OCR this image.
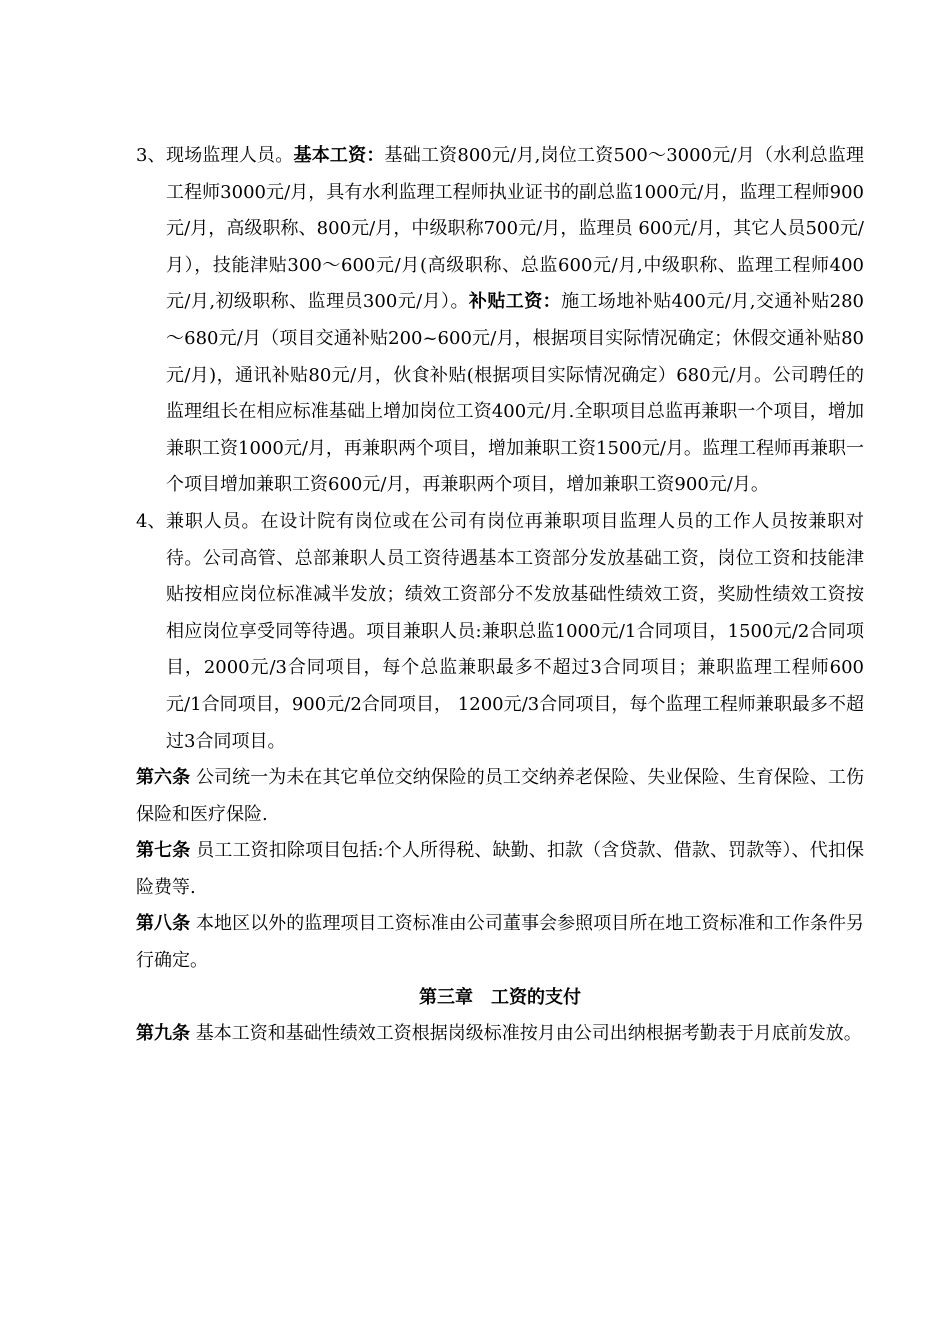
3、 现场监理人员。基本工资：基础工资800元/月,岗位工资500～3000元/月（水利总监理工程师3000元/月，具有水利监理工程师执业证书的副总监1000元/月，监理工程师900元/月，高级职称、800元/月，中级职称700元/月，监理员 600元/月，其它人员500元/月），技能津贴300～600元/月(高级职称、总监600元/月,中级职称、监理工程师400元/月,初级职称、监理员300元/月）。补贴工资：施工场地补贴400元/月,交通补贴280～680元/月（项目交通补贴200~600元/月，根据项目实际情况确定；休假交通补贴80元/月)，通讯补贴80元/月，伙食补贴(根据项目实际情况确定）680元/月。公司聘任的监理组长在相应标准基础上增加岗位工资400元/月.全职项目总监再兼职一个项目，增加兼职工资1000元/月，再兼职两个项目，增加兼职工资1500元/月。监理工程师再兼职一个项目增加兼职工资600元/月，再兼职两个项目，增加兼职工资900元/月。
4、 兼职人员。在设计院有岗位或在公司有岗位再兼职项目监理人员的工作人员按兼职对待。公司高管、总部兼职人员工资待遇基本工资部分发放基础工资，岗位工资和技能津贴按相应岗位标准减半发放；绩效工资部分不发放基础性绩效工资，奖励性绩效工资按相应岗位享受同等待遇。项目兼职人员:兼职总监1000元/1合同项目，1500元/2合同项目，2000元/3合同项目，每个总监兼职最多不超过3合同项目；兼职监理工程师600元/1合同项目，900元/2合同项目， 1200元/3合同项目，每个监理工程师兼职最多不超过3合同项目。
第六条 公司统一为未在其它单位交纳保险的员工交纳养老保险、失业保险、生育保险、工伤保险和医疗保险.
第七条 员工工资扣除项目包括:个人所得税、缺勤、扣款（含贷款、借款、罚款等）、代扣保险费等.
第八条 本地区以外的监理项目工资标准由公司董事会参照项目所在地工资标准和工作条件另行确定。
第三章　工资的支付
第九条 基本工资和基础性绩效工资根据岗级标准按月由公司出纳根据考勤表于月底前发放。
